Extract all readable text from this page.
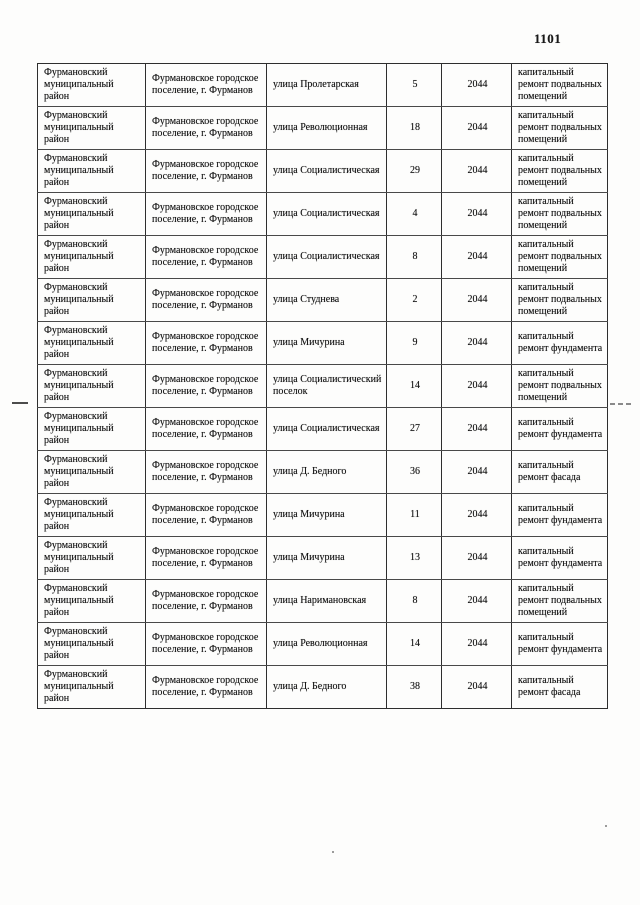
1101
Фурмановский муниципальный район	Фурмановское городское поселение, г. Фурманов	улица Пролетарская	5	2044	капитальный ремонт подвальных помещений
Фурмановский муниципальный район	Фурмановское городское поселение, г. Фурманов	улица Революционная	18	2044	капитальный ремонт подвальных помещений
Фурмановский муниципальный район	Фурмановское городское поселение, г. Фурманов	улица Социалистическая	29	2044	капитальный ремонт подвальных помещений
Фурмановский муниципальный район	Фурмановское городское поселение, г. Фурманов	улица Социалистическая	4	2044	капитальный ремонт подвальных помещений
Фурмановский муниципальный район	Фурмановское городское поселение, г. Фурманов	улица Социалистическая	8	2044	капитальный ремонт подвальных помещений
Фурмановский муниципальный район	Фурмановское городское поселение, г. Фурманов	улица Студнева	2	2044	капитальный ремонт подвальных помещений
Фурмановский муниципальный район	Фурмановское городское поселение, г. Фурманов	улица Мичурина	9	2044	капитальный ремонт фундамента
Фурмановский муниципальный район	Фурмановское городское поселение, г. Фурманов	улица Социалистический поселок	14	2044	капитальный ремонт подвальных помещений
Фурмановский муниципальный район	Фурмановское городское поселение, г. Фурманов	улица Социалистическая	27	2044	капитальный ремонт фундамента
Фурмановский муниципальный район	Фурмановское городское поселение, г. Фурманов	улица Д. Бедного	36	2044	капитальный ремонт фасада
Фурмановский муниципальный район	Фурмановское городское поселение, г. Фурманов	улица Мичурина	11	2044	капитальный ремонт фундамента
Фурмановский муниципальный район	Фурмановское городское поселение, г. Фурманов	улица Мичурина	13	2044	капитальный ремонт фундамента
Фурмановский муниципальный район	Фурмановское городское поселение, г. Фурманов	улица Наримановская	8	2044	капитальный ремонт подвальных помещений
Фурмановский муниципальный район	Фурмановское городское поселение, г. Фурманов	улица Революционная	14	2044	капитальный ремонт фундамента
Фурмановский муниципальный район	Фурмановское городское поселение, г. Фурманов	улица Д. Бедного	38	2044	капитальный ремонт фасада
